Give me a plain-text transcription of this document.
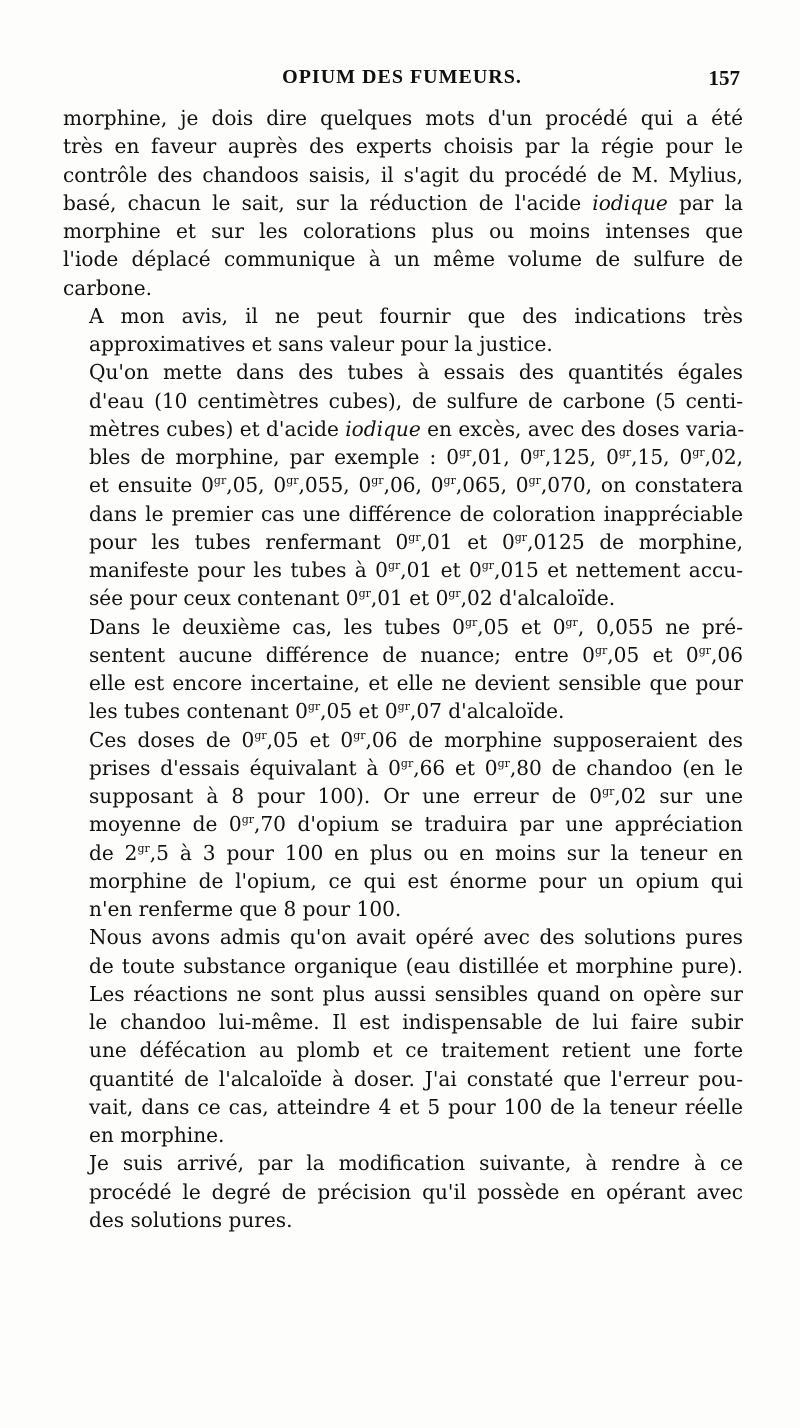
OPIUM DES FUMEURS.	157

morphine, je dois dire quelques mots d'un procédé qui a été
très en faveur auprès des experts choisis par la régie pour le
contrôle des chandoos saisis, il s'agit du procédé de M. Mylius,
basé, chacun le sait, sur la réduction de l'acide iodique par la
morphine et sur les colorations plus ou moins intenses que
l'iode déplacé communique à un même volume de sulfure de
carbone.

A mon avis, il ne peut fournir que des indications très
approximatives et sans valeur pour la justice.

Qu'on mette dans des tubes à essais des quantités égales
d'eau (10 centimètres cubes), de sulfure de carbone (5 centi-
mètres cubes) et d'acide iodique en excès, avec des doses varia-
bles de morphine, par exemple : $0^{gr},01$, $0^{gr},125$, $0^{gr},15$, $0^{gr},02$,
et ensuite $0^{gr},05$, $0^{gr},055$, $0^{gr},06$, $0^{gr},065$, $0^{gr},070$, on constatera
dans le premier cas une différence de coloration inappréciable
pour les tubes renfermant $0^{gr},01$ et $0^{gr},0125$ de morphine,
manifeste pour les tubes à $0^{gr},01$ et $0^{gr},015$ et nettement accu-
sée pour ceux contenant $0^{gr},01$ et $0^{gr},02$ d'alcaloïde.

Dans le deuxième cas, les tubes $0^{gr},05$ et $0^{gr}$, 0,055 ne pré-
sentent aucune différence de nuance; entre $0^{gr},05$ et $0^{gr},06$
elle est encore incertaine, et elle ne devient sensible que pour
les tubes contenant $0^{gr},05$ et $0^{gr},07$ d'alcaloïde.

Ces doses de $0^{gr},05$ et $0^{gr},06$ de morphine supposeraient des
prises d'essais équivalant à $0^{gr},66$ et $0^{gr},80$ de chandoo (en le
supposant à 8 pour 100). Or une erreur de $0^{gr},02$ sur une
moyenne de $0^{gr},70$ d'opium se traduira par une appréciation
de $2^{gr},5$ à 3 pour 100 en plus ou en moins sur la teneur en
morphine de l'opium, ce qui est énorme pour un opium qui
n'en renferme que 8 pour 100.

Nous avons admis qu'on avait opéré avec des solutions pures
de toute substance organique (eau distillée et morphine pure).
Les réactions ne sont plus aussi sensibles quand on opère sur
le chandoo lui-même. Il est indispensable de lui faire subir
une défécation au plomb et ce traitement retient une forte
quantité de l'alcaloïde à doser. J'ai constaté que l'erreur pou-
vait, dans ce cas, atteindre 4 et 5 pour 100 de la teneur réelle
en morphine.

Je suis arrivé, par la modification suivante, à rendre à ce
procédé le degré de précision qu'il possède en opérant avec
des solutions pures.
